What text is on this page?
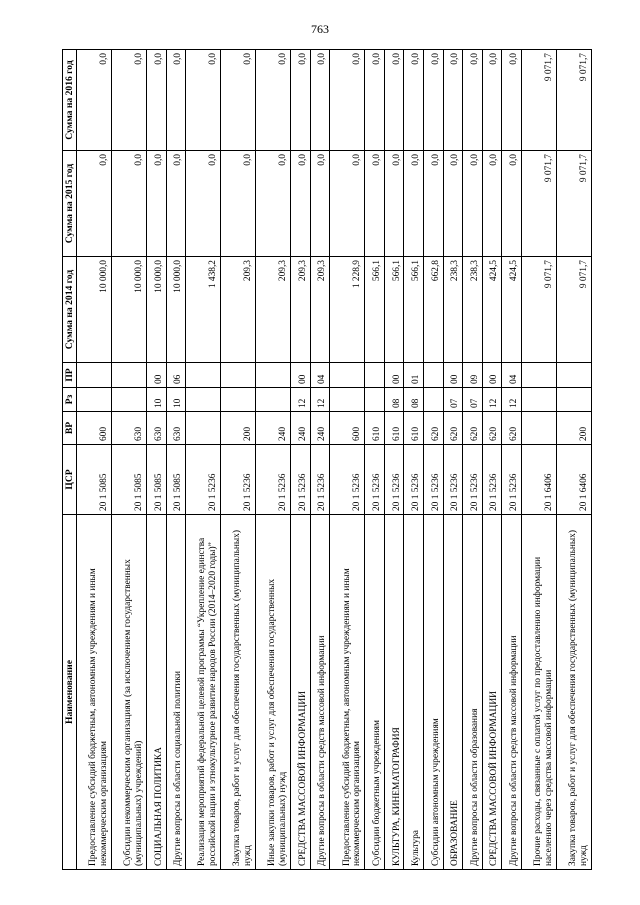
763
Наименование	ЦСР	ВР	Рз	ПР	Сумма на 2014 год	Сумма на 2015 год	Сумма на 2016 год
Предоставление субсидий бюджетным, автономным учреждениям и иным некоммерческим организациям	20 1 5085	600			10 000,0	0,0	0,0
Субсидии некоммерческим организациям (за исключением государственных (муниципальных) учреждений)	20 1 5085	630			10 000,0	0,0	0,0
СОЦИАЛЬНАЯ ПОЛИТИКА	20 1 5085	630	10	00	10 000,0	0,0	0,0
Другие вопросы в области социальной политики	20 1 5085	630	10	06	10 000,0	0,0	0,0
Реализация мероприятий федеральной целевой программы “Укрепление единства российской нации и этнокультурное развитие народов России (2014–2020 годы)”	20 1 5236				1 438,2	0,0	0,0
Закупка товаров, работ и услуг для обеспечения государственных (муниципальных) нужд	20 1 5236	200			209,3	0,0	0,0
Иные закупки товаров, работ и услуг для обеспечения государственных (муниципальных) нужд	20 1 5236	240			209,3	0,0	0,0
СРЕДСТВА МАССОВОЙ ИНФОРМАЦИИ	20 1 5236	240	12	00	209,3	0,0	0,0
Другие вопросы в области средств массовой информации	20 1 5236	240	12	04	209,3	0,0	0,0
Предоставление субсидий бюджетным, автономным учреждениям и иным некоммерческим организациям	20 1 5236	600			1 228,9	0,0	0,0
Субсидии бюджетным учреждениям	20 1 5236	610			566,1	0,0	0,0
КУЛЬТУРА, КИНЕМАТОГРАФИЯ	20 1 5236	610	08	00	566,1	0,0	0,0
Культура	20 1 5236	610	08	01	566,1	0,0	0,0
Субсидии автономным учреждениям	20 1 5236	620			662,8	0,0	0,0
ОБРАЗОВАНИЕ	20 1 5236	620	07	00	238,3	0,0	0,0
Другие вопросы в области образования	20 1 5236	620	07	09	238,3	0,0	0,0
СРЕДСТВА МАССОВОЙ ИНФОРМАЦИИ	20 1 5236	620	12	00	424,5	0,0	0,0
Другие вопросы в области средств массовой информации	20 1 5236	620	12	04	424,5	0,0	0,0
Прочие расходы, связанные с оплатой услуг по предоставлению информации населению через средства массовой информации	20 1 6406				9 071,7	9 071,7	9 071,7
Закупка товаров, работ и услуг для обеспечения государственных (муниципальных) нужд	20 1 6406	200			9 071,7	9 071,7	9 071,7
